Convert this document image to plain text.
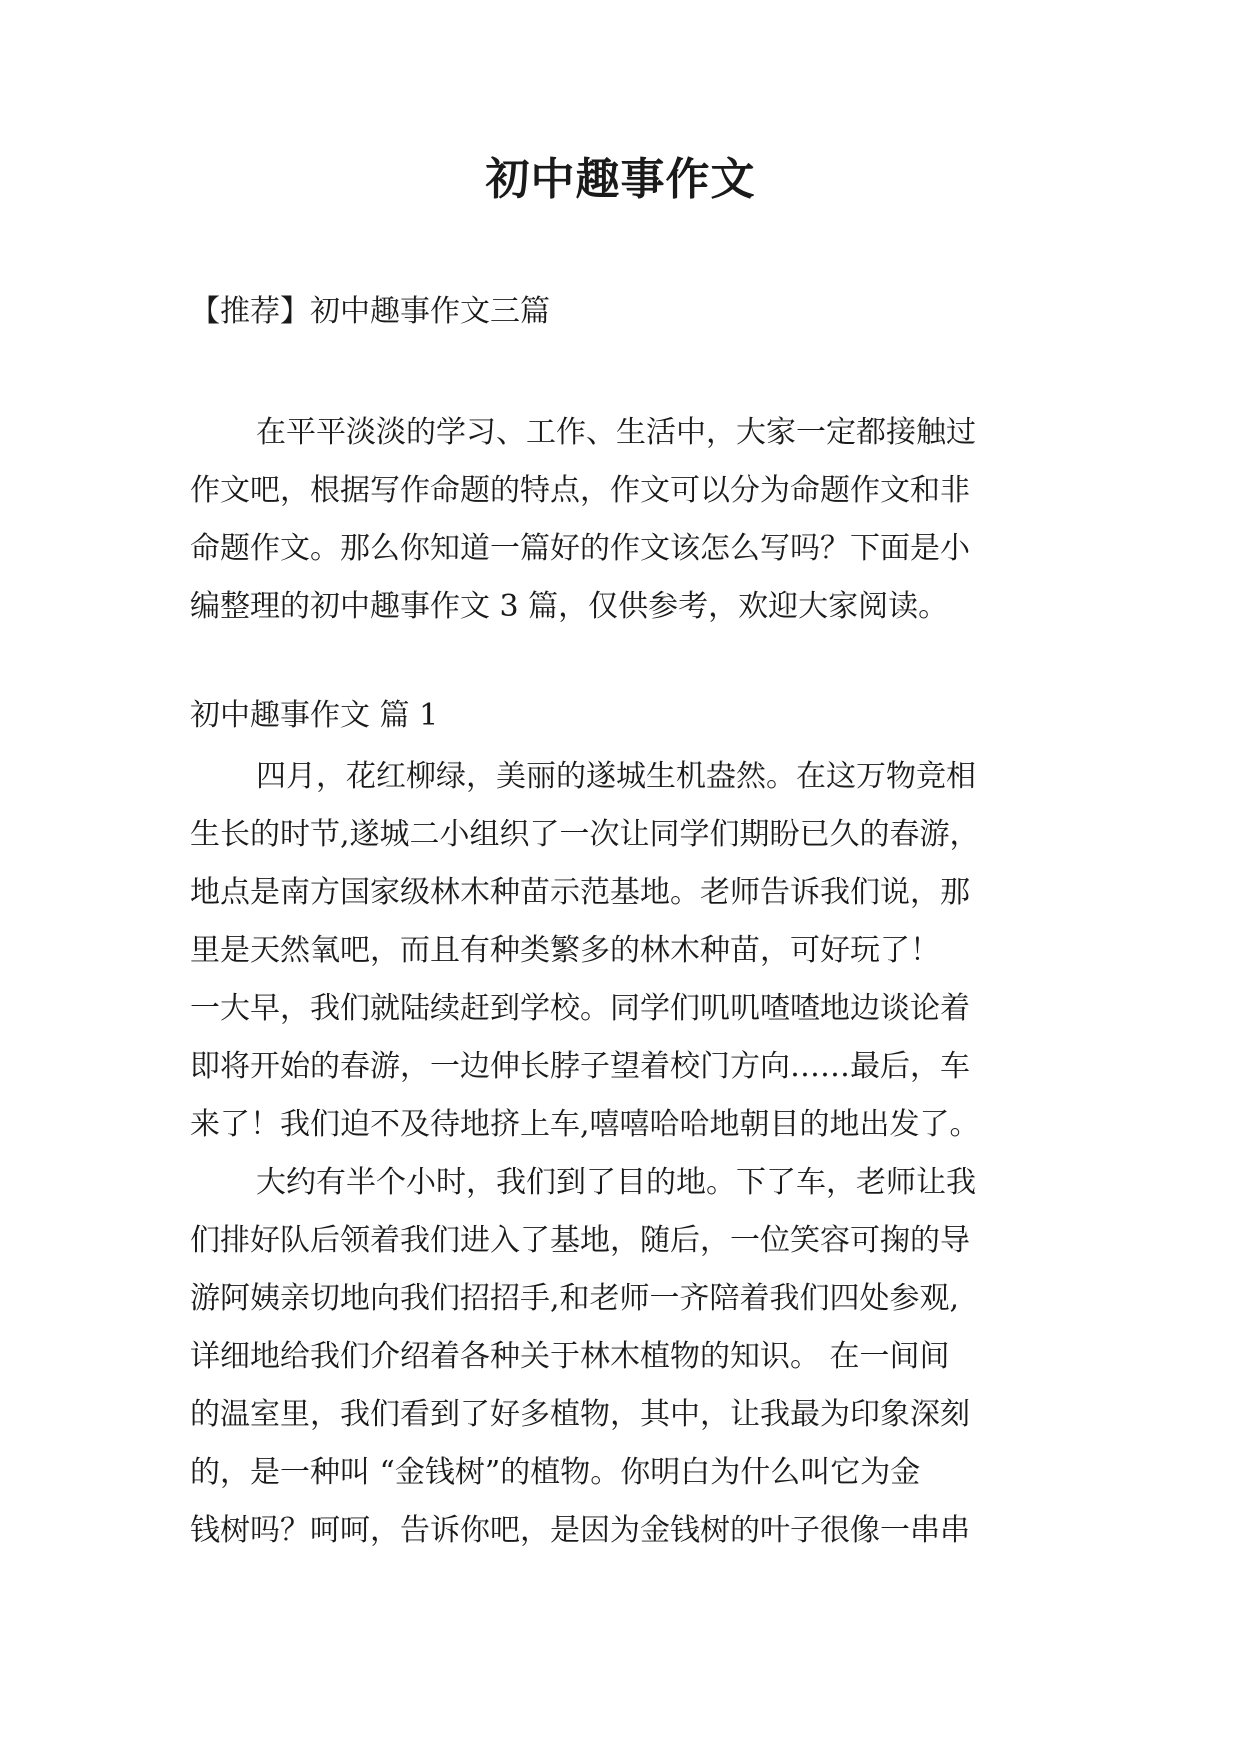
初中趣事作文
【推荐】初中趣事作文三篇
在平平淡淡的学习、工作、生活中，大家一定都接触过
作文吧，根据写作命题的特点，作文可以分为命题作文和非
命题作文。那么你知道一篇好的作文该怎么写吗？下面是小
编整理的初中趣事作文 3 篇，仅供参考，欢迎大家阅读。
初中趣事作文 篇 1
四月，花红柳绿，美丽的遂城生机盎然。在这万物竞相
生长的时节,遂城二小组织了一次让同学们期盼已久的春游，
地点是南方国家级林木种苗示范基地。老师告诉我们说，那
里是天然氧吧，而且有种类繁多的林木种苗，可好玩了！
一大早，我们就陆续赶到学校。同学们叽叽喳喳地边谈论着
即将开始的春游，一边伸长脖子望着校门方向……最后，车
来了！我们迫不及待地挤上车,嘻嘻哈哈地朝目的地出发了。
大约有半个小时，我们到了目的地。下了车，老师让我
们排好队后领着我们进入了基地，随后，一位笑容可掬的导
游阿姨亲切地向我们招招手,和老师一齐陪着我们四处参观,
详细地给我们介绍着各种关于林木植物的知识。 在一间间
的温室里，我们看到了好多植物，其中，让我最为印象深刻
的，是一种叫 “金钱树”的植物。你明白为什么叫它为金
钱树吗？呵呵，告诉你吧，是因为金钱树的叶子很像一串串
